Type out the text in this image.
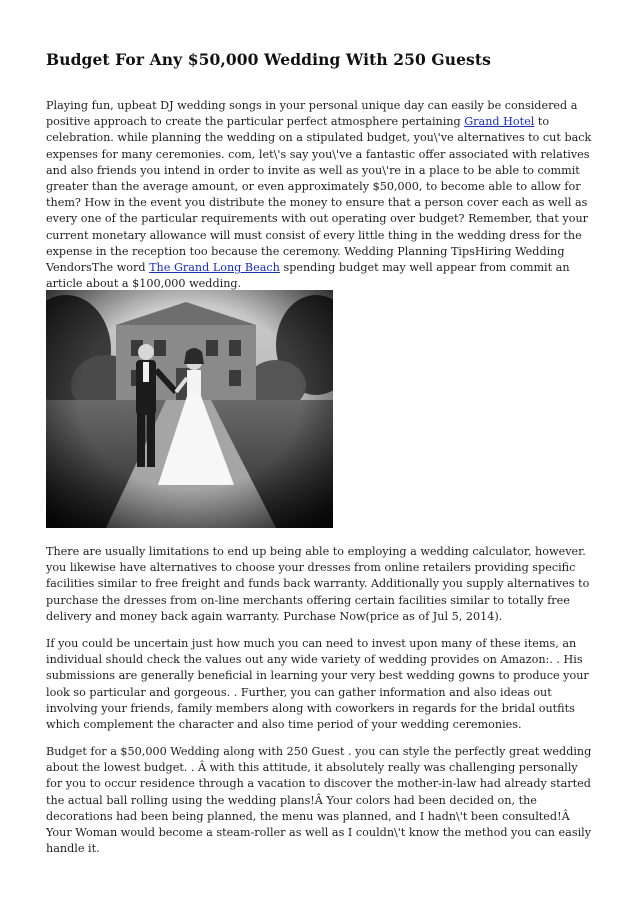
Budget For Any $50,000 Wedding With 250 Guests

Playing fun, upbeat DJ wedding songs in your personal unique day can easily be considered a positive approach to create the particular perfect atmosphere pertaining Grand Hotel to celebration. while planning the wedding on a stipulated budget, you\'ve alternatives to cut back expenses for many ceremonies. com, let\'s say you\'ve a fantastic offer associated with relatives and also friends you intend in order to invite as well as you\'re in a place to be able to commit greater than the average amount, or even approximately $50,000, to become able to allow for them? How in the event you distribute the money to ensure that a person cover each as well as every one of the particular requirements with out operating over budget? Remember, that your current monetary allowance will must consist of every little thing in the wedding dress for the expense in the reception too because the ceremony. Wedding Planning TipsHiring Wedding VendorsThe word The Grand Long Beach spending budget may well appear from commit an article about a $100,000 wedding.

There are usually limitations to end up being able to employing a wedding calculator, however. you likewise have alternatives to choose your dresses from online retailers providing specific facilities similar to free freight and funds back warranty. Additionally you supply alternatives to purchase the dresses from on-line merchants offering certain facilities similar to totally free delivery and money back again warranty. Purchase Now(price as of Jul 5, 2014).

If you could be uncertain just how much you can need to invest upon many of these items, an individual should check the values out any wide variety of wedding provides on Amazon:. . His submissions are generally beneficial in learning your very best wedding gowns to produce your look so particular and gorgeous. . Further, you can gather information and also ideas out involving your friends, family members along with coworkers in regards for the bridal outfits which complement the character and also time period of your wedding ceremonies.

Budget for a $50,000 Wedding along with 250 Guest . you can style the perfectly great wedding about the lowest budget. . Â with this attitude, it absolutely really was challenging personally for you to occur residence through a vacation to discover the mother-in-law had already started the actual ball rolling using the wedding plans!Â Your colors had been decided on, the decorations had been being planned, the menu was planned, and I hadn\'t been consulted!Â Your Woman would become a steam-roller as well as I couldn\'t know the method you can easily handle it.
